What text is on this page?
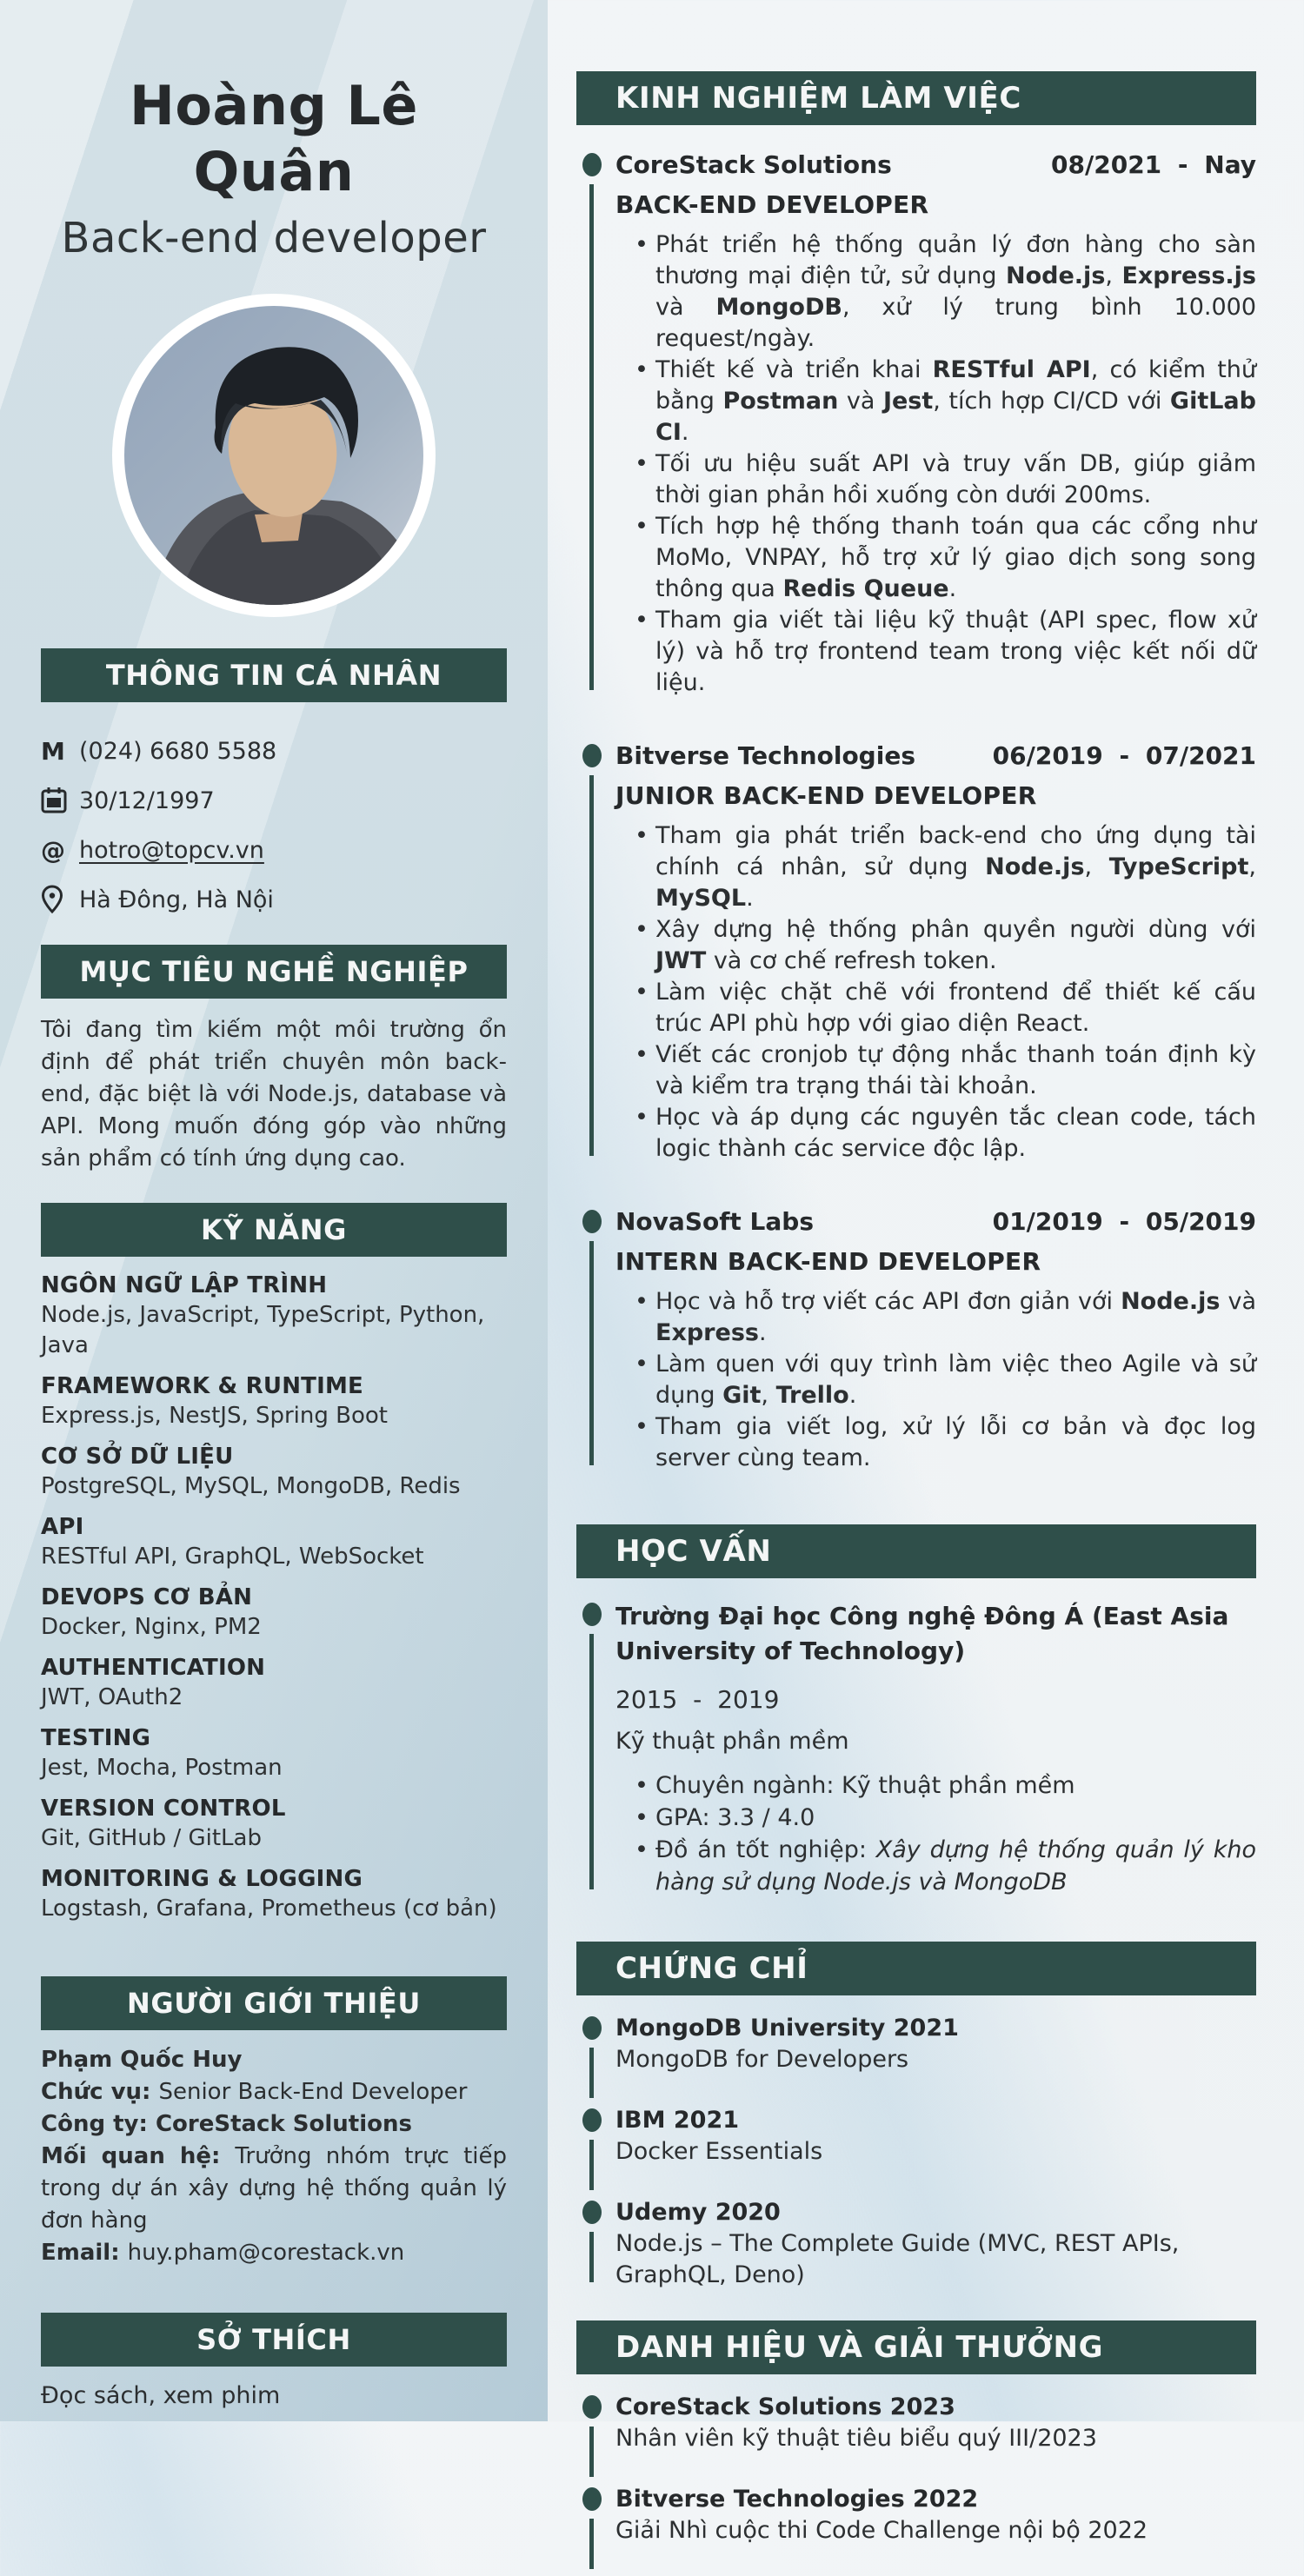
Hoàng Lê Quân
Back-end developer
THÔNG TIN CÁ NHÂN
M (024) 6680 5588
30/12/1997
@ hotro@topcv.vn
Hà Đông, Hà Nội
MỤC TIÊU NGHỀ NGHIỆP
Tôi đang tìm kiếm một môi trường ổn định để phát triển chuyên môn back-end, đặc biệt là với Node.js, database và API. Mong muốn đóng góp vào những sản phẩm có tính ứng dụng cao.
KỸ NĂNG
NGÔN NGỮ LẬP TRÌNH
Node.js, JavaScript, TypeScript, Python, Java
FRAMEWORK & RUNTIME
Express.js, NestJS, Spring Boot
CƠ SỞ DỮ LIỆU
PostgreSQL, MySQL, MongoDB, Redis
API
RESTful API, GraphQL, WebSocket
DEVOPS CƠ BẢN
Docker, Nginx, PM2
AUTHENTICATION
JWT, OAuth2
TESTING
Jest, Mocha, Postman
VERSION CONTROL
Git, GitHub / GitLab
MONITORING & LOGGING
Logstash, Grafana, Prometheus (cơ bản)
NGƯỜI GIỚI THIỆU
Phạm Quốc Huy
Chức vụ: Senior Back-End Developer
Công ty: CoreStack Solutions
Mối quan hệ: Trưởng nhóm trực tiếp trong dự án xây dựng hệ thống quản lý đơn hàng
Email: huy.pham@corestack.vn
SỞ THÍCH
Đọc sách, xem phim
KINH NGHIỆM LÀM VIỆC
CoreStack Solutions	08/2021 - Nay
BACK-END DEVELOPER
• Phát triển hệ thống quản lý đơn hàng cho sàn thương mại điện tử, sử dụng Node.js, Express.js và MongoDB, xử lý trung bình 10.000 request/ngày.
• Thiết kế và triển khai RESTful API, có kiểm thử bằng Postman và Jest, tích hợp CI/CD với GitLab CI.
• Tối ưu hiệu suất API và truy vấn DB, giúp giảm thời gian phản hồi xuống còn dưới 200ms.
• Tích hợp hệ thống thanh toán qua các cổng như MoMo, VNPAY, hỗ trợ xử lý giao dịch song song thông qua Redis Queue.
• Tham gia viết tài liệu kỹ thuật (API spec, flow xử lý) và hỗ trợ frontend team trong việc kết nối dữ liệu.
Bitverse Technologies	06/2019 - 07/2021
JUNIOR BACK-END DEVELOPER
• Tham gia phát triển back-end cho ứng dụng tài chính cá nhân, sử dụng Node.js, TypeScript, MySQL.
• Xây dựng hệ thống phân quyền người dùng với JWT và cơ chế refresh token.
• Làm việc chặt chẽ với frontend để thiết kế cấu trúc API phù hợp với giao diện React.
• Viết các cronjob tự động nhắc thanh toán định kỳ và kiểm tra trạng thái tài khoản.
• Học và áp dụng các nguyên tắc clean code, tách logic thành các service độc lập.
NovaSoft Labs	01/2019 - 05/2019
INTERN BACK-END DEVELOPER
• Học và hỗ trợ viết các API đơn giản với Node.js và Express.
• Làm quen với quy trình làm việc theo Agile và sử dụng Git, Trello.
• Tham gia viết log, xử lý lỗi cơ bản và đọc log server cùng team.
HỌC VẤN
Trường Đại học Công nghệ Đông Á (East Asia University of Technology)
2015 - 2019
Kỹ thuật phần mềm
• Chuyên ngành: Kỹ thuật phần mềm
• GPA: 3.3 / 4.0
• Đồ án tốt nghiệp: Xây dựng hệ thống quản lý kho hàng sử dụng Node.js và MongoDB
CHỨNG CHỈ
MongoDB University 2021
MongoDB for Developers
IBM 2021
Docker Essentials
Udemy 2020
Node.js – The Complete Guide (MVC, REST APIs, GraphQL, Deno)
DANH HIỆU VÀ GIẢI THƯỞNG
CoreStack Solutions 2023
Nhân viên kỹ thuật tiêu biểu quý III/2023
Bitverse Technologies 2022
Giải Nhì cuộc thi Code Challenge nội bộ 2022
